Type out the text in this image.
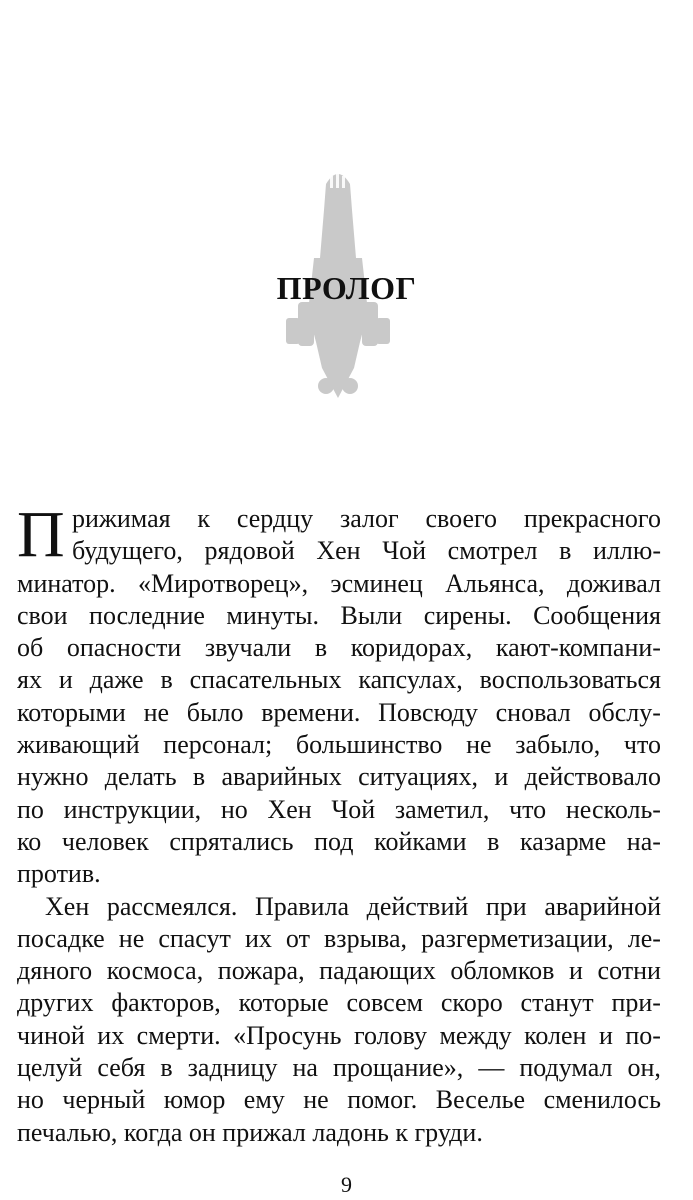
ПРОЛОГ
П рижимая к сердцу залог своего прекрасного
будущего, рядовой Хен Чой смотрел в иллю-
минатор. «Миротворец», эсминец Альянса, доживал
свои последние минуты. Выли сирены. Сообщения
об опасности звучали в коридорах, кают-компани-
ях и даже в спасательных капсулах, воспользоваться
которыми не было времени. Повсюду сновал обслу-
живающий персонал; большинство не забыло, что
нужно делать в аварийных ситуациях, и действовало
по инструкции, но Хен Чой заметил, что несколь-
ко человек спрятались под койками в казарме на-
против.
Хен рассмеялся. Правила действий при аварийной
посадке не спасут их от взрыва, разгерметизации, ле-
дяного космоса, пожара, падающих обломков и сотни
других факторов, которые совсем скоро станут при-
чиной их смерти. «Просунь голову между колен и по-
целуй себя в задницу на прощание», — подумал он,
но черный юмор ему не помог. Веселье сменилось
печалью, когда он прижал ладонь к груди.
9
